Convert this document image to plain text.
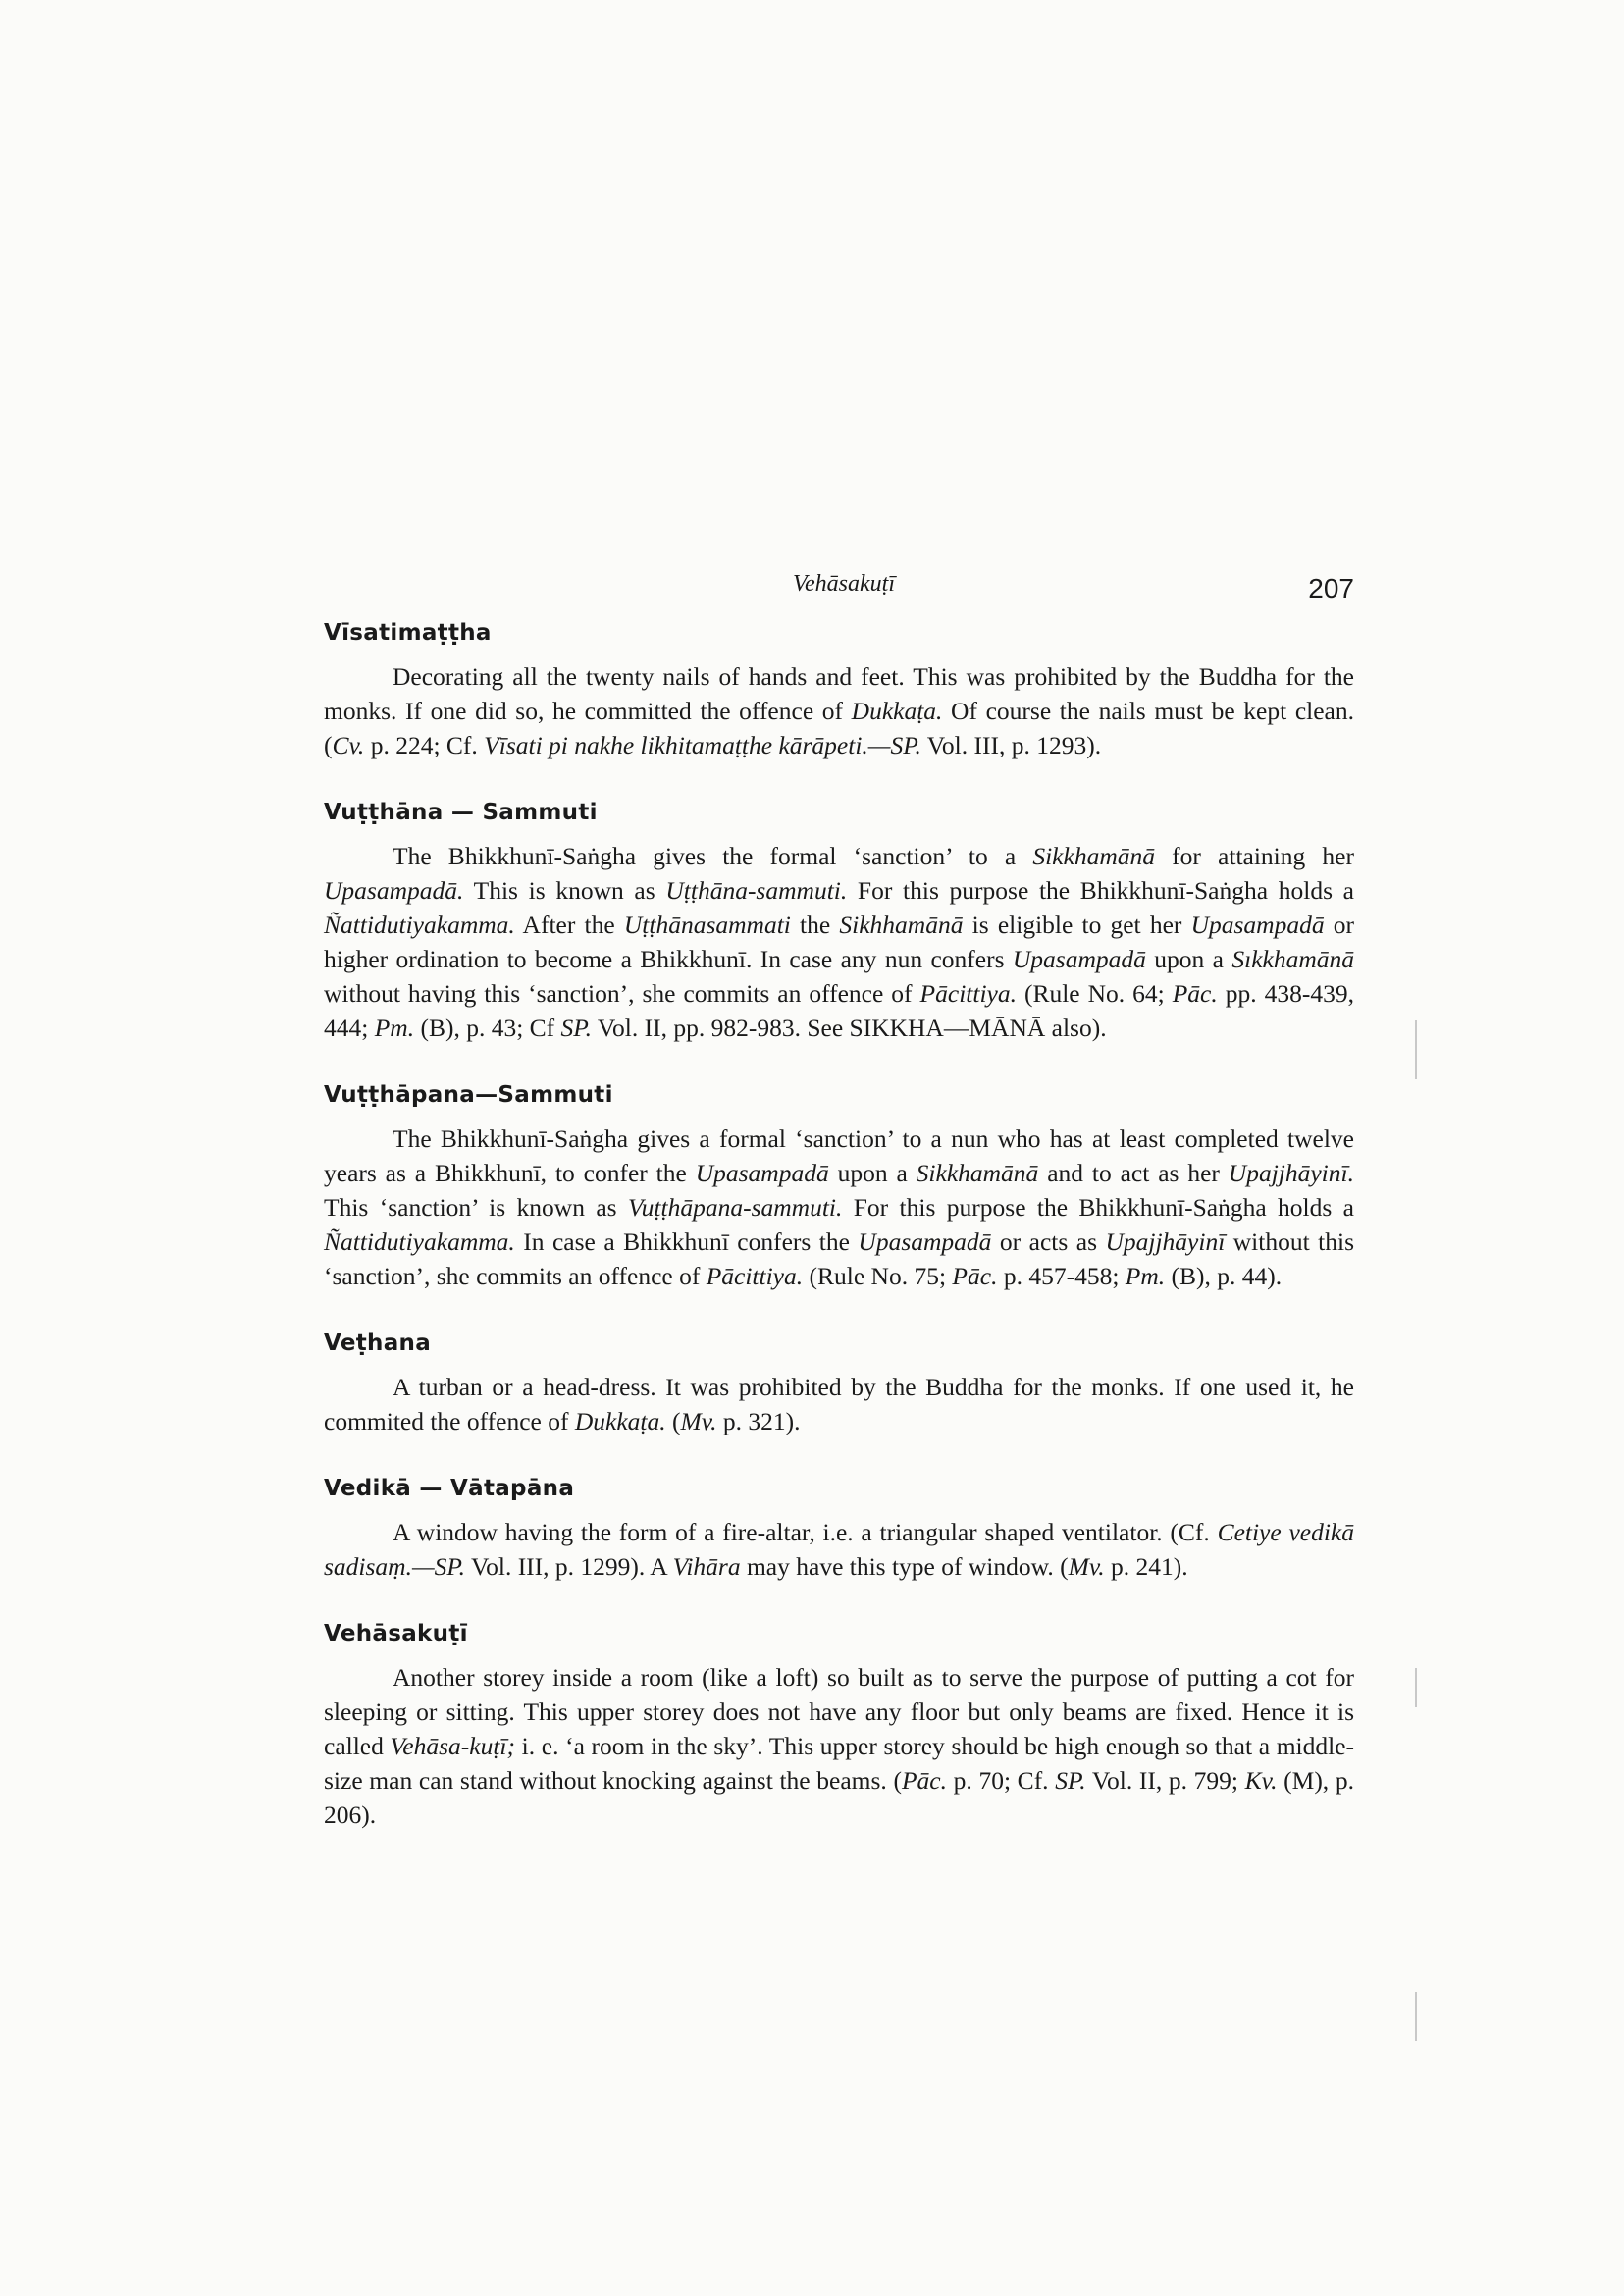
Vehāsakuṭī	207
Vīsatimaṭṭha

Decorating all the twenty nails of hands and feet. This was prohibited by the Buddha for the monks. If one did so, he committed the offence of Dukkaṭa. Of course the nails must be kept clean. (Cv. p. 224; Cf. Vīsati pi nakhe likhitamaṭṭhe kārāpeti.—SP. Vol. III, p. 1293).

Vuṭṭhāna — Sammuti

The Bhikkhunī-Saṅgha gives the formal ‘sanction’ to a Sikkhamānā for attaining her Upasampadā. This is known as Uṭṭhāna-sammuti. For this purpose the Bhikkhunī-Saṅgha holds a Ñattidutiyakamma. After the Uṭṭhānasammati the Sikhhamānā is eligible to get her Upasampadā or higher ordination to become a Bhikkhunī. In case any nun confers Upasampadā upon a Sıkkhamānā without having this ‘sanction’, she commits an offence of Pācittiya. (Rule No. 64; Pāc. pp. 438-439, 444; Pm. (B), p. 43; Cf SP. Vol. II, pp. 982-983. See SIKKHA—MĀNĀ also).

Vuṭṭhāpana—Sammuti

The Bhikkhunī-Saṅgha gives a formal ‘sanction’ to a nun who has at least completed twelve years as a Bhikkhunī, to confer the Upasampadā upon a Sikkhamānā and to act as her Upajjhāyinī. This ‘sanction’ is known as Vuṭṭhāpana-sammuti. For this purpose the Bhikkhunī-Saṅgha holds a Ñattidutiyakamma. In case a Bhikkhunī confers the Upasampadā or acts as Upajjhāyinī without this ‘sanction’, she commits an offence of Pācittiya. (Rule No. 75; Pāc. p. 457-458; Pm. (B), p. 44).

Veṭhana

A turban or a head-dress. It was prohibited by the Buddha for the monks. If one used it, he commited the offence of Dukkaṭa. (Mv. p. 321).

Vedikā — Vātapāna

A window having the form of a fire-altar, i.e. a triangular shaped ventilator. (Cf. Cetiye vedikā sadisaṃ.—SP. Vol. III, p. 1299). A Vihāra may have this type of window. (Mv. p. 241).

Vehāsakuṭī

Another storey inside a room (like a loft) so built as to serve the purpose of putting a cot for sleeping or sitting. This upper storey does not have any floor but only beams are fixed. Hence it is called Vehāsa-kuṭī; i. e. ‘a room in the sky’. This upper storey should be high enough so that a middle-size man can stand without knocking against the beams. (Pāc. p. 70; Cf. SP. Vol. II, p. 799; Kv. (M), p. 206).
